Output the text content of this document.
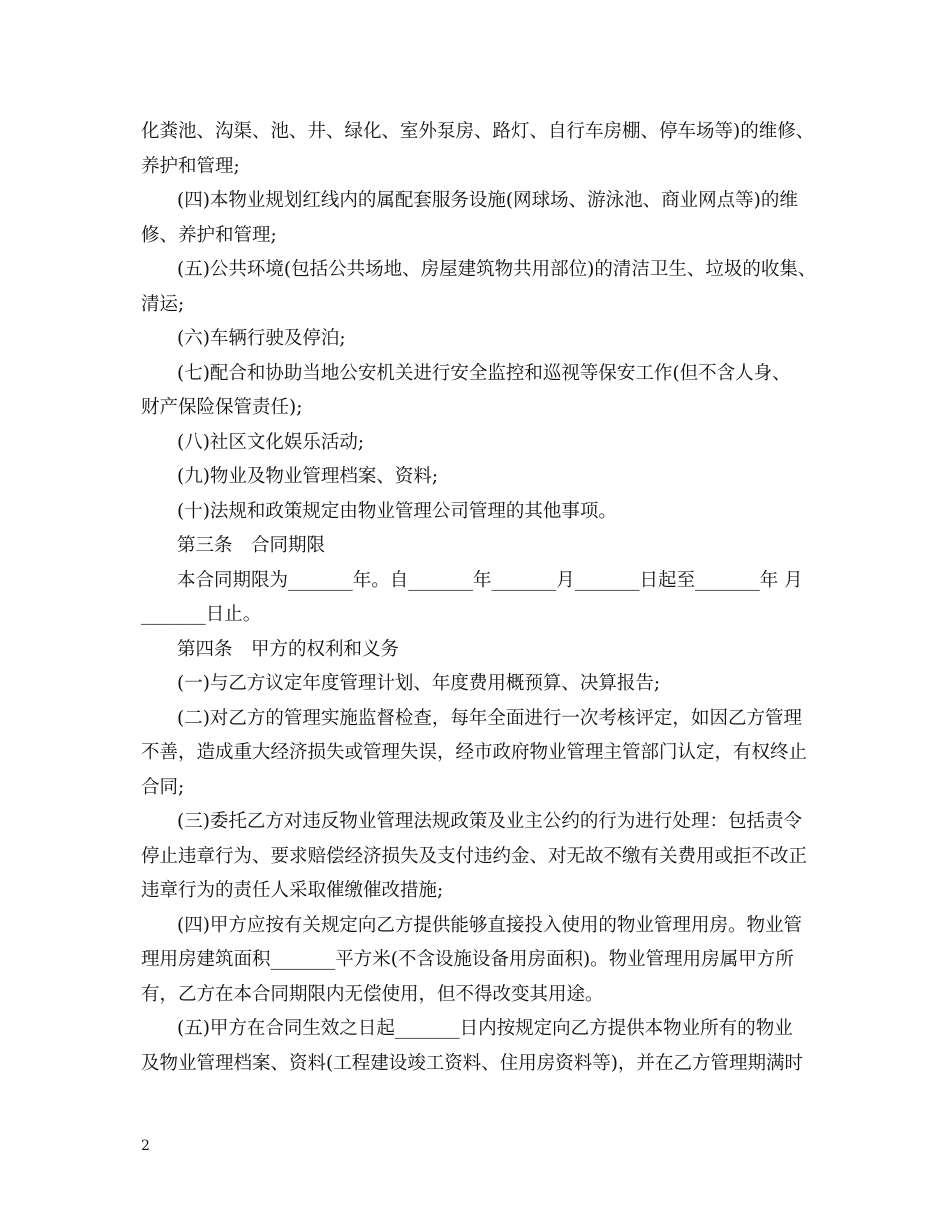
化粪池、沟渠、池、井、绿化、室外泵房、路灯、自行车房棚、停车场等)的维修、
养护和管理;
(四)本物业规划红线内的属配套服务设施(网球场、游泳池、商业网点等)的维
修、养护和管理;
(五)公共环境(包括公共场地、房屋建筑物共用部位)的清洁卫生、垃圾的收集、
清运;
(六)车辆行驶及停泊;
(七)配合和协助当地公安机关进行安全监控和巡视等保安工作(但不含人身、
财产保险保管责任);
(八)社区文化娱乐活动;
(九)物业及物业管理档案、资料;
(十)法规和政策规定由物业管理公司管理的其他事项。
第三条　合同期限
本合同期限为_______年。自_______年_______月_______日起至_______年 月
_______日止。
第四条　甲方的权利和义务
(一)与乙方议定年度管理计划、年度费用概预算、决算报告;
(二)对乙方的管理实施监督检查，每年全面进行一次考核评定，如因乙方管理
不善，造成重大经济损失或管理失误，经市政府物业管理主管部门认定，有权终止
合同;
(三)委托乙方对违反物业管理法规政策及业主公约的行为进行处理：包括责令
停止违章行为、要求赔偿经济损失及支付违约金、对无故不缴有关费用或拒不改正
违章行为的责任人采取催缴催改措施;
(四)甲方应按有关规定向乙方提供能够直接投入使用的物业管理用房。物业管
理用房建筑面积_______平方米(不含设施设备用房面积)。物业管理用房属甲方所
有，乙方在本合同期限内无偿使用，但不得改变其用途。
(五)甲方在合同生效之日起_______日内按规定向乙方提供本物业所有的物业
及物业管理档案、资料(工程建设竣工资料、住用房资料等)，并在乙方管理期满时
2
